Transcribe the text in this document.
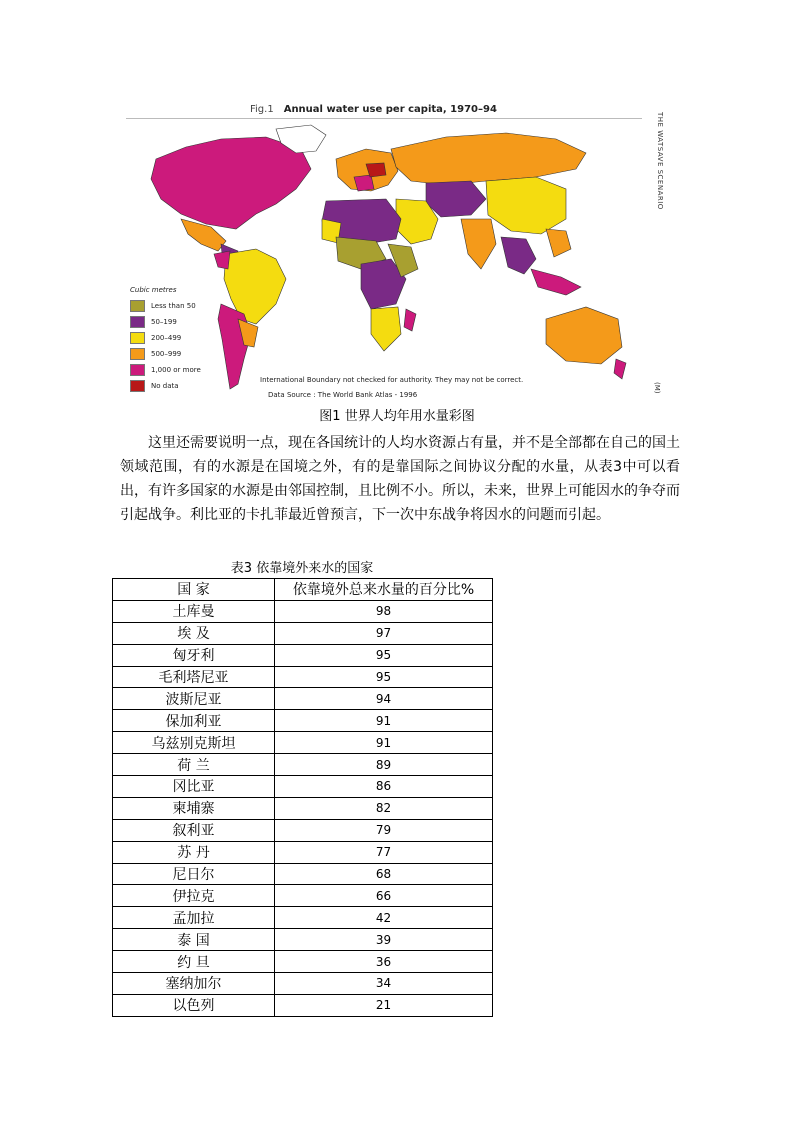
Fig.1 Annual water use per capita, 1970–94
THE WATSAVE SCENARIO
(M)
Cubic metres
Less than 50
50–199
200–499
500–999
1,000 or more
No data
International Boundary not checked for authority. They may not be correct.
Data Source : The World Bank Atlas - 1996
图1 世界人均年用水量彩图

这里还需要说明一点，现在各国统计的人均水资源占有量，并不是全部都在自己的国土领域范围，有的水源是在国境之外，有的是靠国际之间协议分配的水量，从表3中可以看出，有许多国家的水源是由邻国控制，且比例不小。所以，未来，世界上可能因水的争夺而引起战争。利比亚的卡扎菲最近曾预言，下一次中东战争将因水的问题而引起。

表3 依靠境外来水的国家
国 家	依靠境外总来水量的百分比%
土库曼	98
埃 及	97
匈牙利	95
毛利塔尼亚	95
波斯尼亚	94
保加利亚	91
乌兹别克斯坦	91
荷 兰	89
冈比亚	86
柬埔寨	82
叙利亚	79
苏 丹	77
尼日尔	68
伊拉克	66
孟加拉	42
泰 国	39
约 旦	36
塞纳加尔	34
以色列	21
